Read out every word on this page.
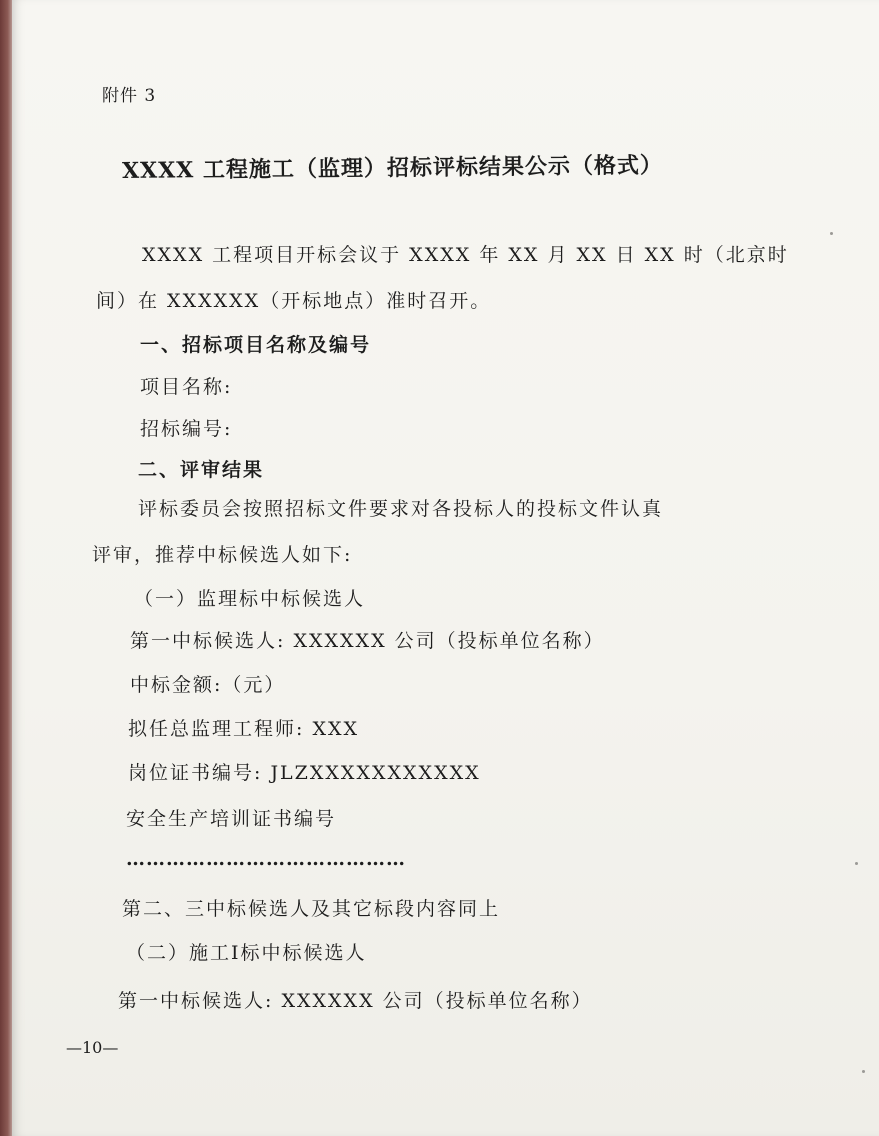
附件 3
XXXX 工程施工（监理）招标评标结果公示（格式）
XXXX 工程项目开标会议于 XXXX 年 XX 月 XX 日 XX 时（北京时
间）在 XXXXXX（开标地点）准时召开。
一、招标项目名称及编号
项目名称:
招标编号:
二、评审结果
评标委员会按照招标文件要求对各投标人的投标文件认真
评审，推荐中标候选人如下:
（一）监理标中标候选人
第一中标候选人: XXXXXX 公司（投标单位名称）
中标金额:（元）
拟任总监理工程师: XXX
岗位证书编号: JLZXXXXXXXXXXX
安全生产培训证书编号
……………………………………
第二、三中标候选人及其它标段内容同上
（二）施工Ⅰ标中标候选人
第一中标候选人: XXXXXX 公司（投标单位名称）
—10—
